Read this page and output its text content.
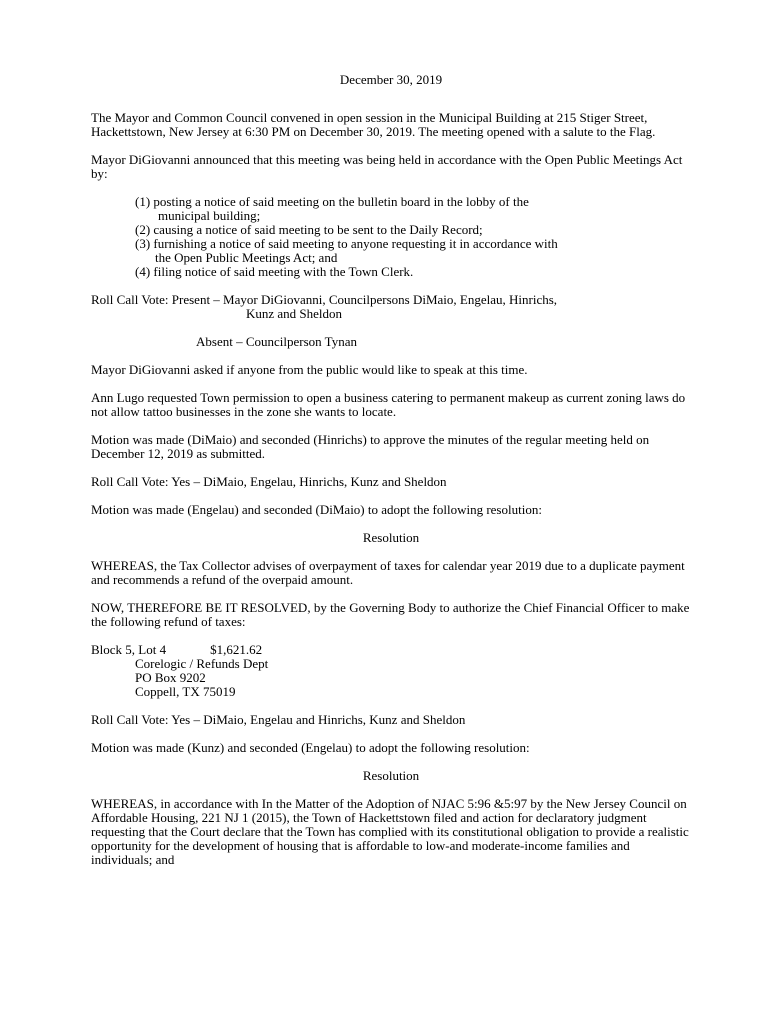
December 30, 2019

The Mayor and Common Council convened in open session in the Municipal Building at 215 Stiger Street, Hackettstown, New Jersey at 6:30 PM on December 30, 2019. The meeting opened with a salute to the Flag.

Mayor DiGiovanni announced that this meeting was being held in accordance with the Open Public Meetings Act by:

(1) posting a notice of said meeting on the bulletin board in the lobby of the
municipal building;
(2) causing a notice of said meeting to be sent to the Daily Record;
(3) furnishing a notice of said meeting to anyone requesting it in accordance with
the Open Public Meetings Act; and
(4) filing notice of said meeting with the Town Clerk.
Roll Call Vote: Present – Mayor DiGiovanni, Councilpersons DiMaio, Engelau, Hinrichs,
Kunz and Sheldon
Absent – Councilperson Tynan

Mayor DiGiovanni asked if anyone from the public would like to speak at this time.

Ann Lugo requested Town permission to open a business catering to permanent makeup as current zoning laws do not allow tattoo businesses in the zone she wants to locate.

Motion was made (DiMaio) and seconded (Hinrichs) to approve the minutes of the regular meeting held on December 12, 2019 as submitted.

Roll Call Vote: Yes – DiMaio, Engelau, Hinrichs, Kunz and Sheldon

Motion was made (Engelau) and seconded (DiMaio) to adopt the following resolution:

Resolution

WHEREAS, the Tax Collector advises of overpayment of taxes for calendar year 2019 due to a duplicate payment and recommends a refund of the overpaid amount.

NOW, THEREFORE BE IT RESOLVED, by the Governing Body to authorize the Chief Financial Officer to make the following refund of taxes:

Block 5, Lot 4	$1,621.62
Corelogic / Refunds Dept
PO Box 9202
Coppell, TX 75019

Roll Call Vote: Yes – DiMaio, Engelau and Hinrichs, Kunz and Sheldon

Motion was made (Kunz) and seconded (Engelau) to adopt the following resolution:

Resolution

WHEREAS, in accordance with In the Matter of the Adoption of NJAC 5:96 &5:97 by the New Jersey Council on Affordable Housing, 221 NJ 1 (2015), the Town of Hackettstown filed and action for declaratory judgment requesting that the Court declare that the Town has complied with its constitutional obligation to provide a realistic opportunity for the development of housing that is affordable to low-and moderate-income families and individuals; and
